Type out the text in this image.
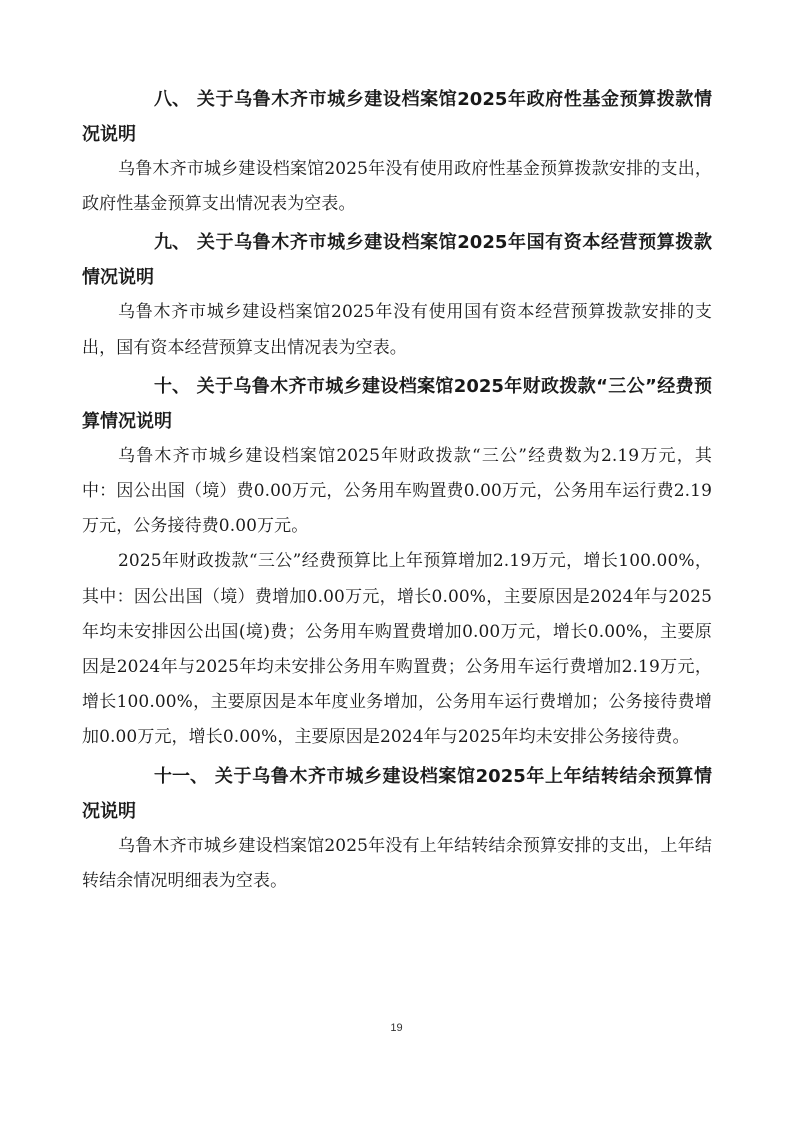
八、 关于乌鲁木齐市城乡建设档案馆2025年政府性基金预算拨款情况说明

乌鲁木齐市城乡建设档案馆2025年没有使用政府性基金预算拨款安排的支出，政府性基金预算支出情况表为空表。

九、 关于乌鲁木齐市城乡建设档案馆2025年国有资本经营预算拨款情况说明

乌鲁木齐市城乡建设档案馆2025年没有使用国有资本经营预算拨款安排的支出，国有资本经营预算支出情况表为空表。

十、 关于乌鲁木齐市城乡建设档案馆2025年财政拨款“三公”经费预算情况说明

乌鲁木齐市城乡建设档案馆2025年财政拨款“三公”经费数为2.19万元，其中：因公出国（境）费0.00万元，公务用车购置费0.00万元，公务用车运行费2.19万元，公务接待费0.00万元。

2025年财政拨款“三公”经费预算比上年预算增加2.19万元，增长100.00%，其中：因公出国（境）费增加0.00万元，增长0.00%，主要原因是2024年与2025年均未安排因公出国(境)费；公务用车购置费增加0.00万元，增长0.00%，主要原因是2024年与2025年均未安排公务用车购置费；公务用车运行费增加2.19万元，增长100.00%，主要原因是本年度业务增加，公务用车运行费增加；公务接待费增加0.00万元，增长0.00%，主要原因是2024年与2025年均未安排公务接待费。

十一、 关于乌鲁木齐市城乡建设档案馆2025年上年结转结余预算情况说明

乌鲁木齐市城乡建设档案馆2025年没有上年结转结余预算安排的支出，上年结转结余情况明细表为空表。

19
